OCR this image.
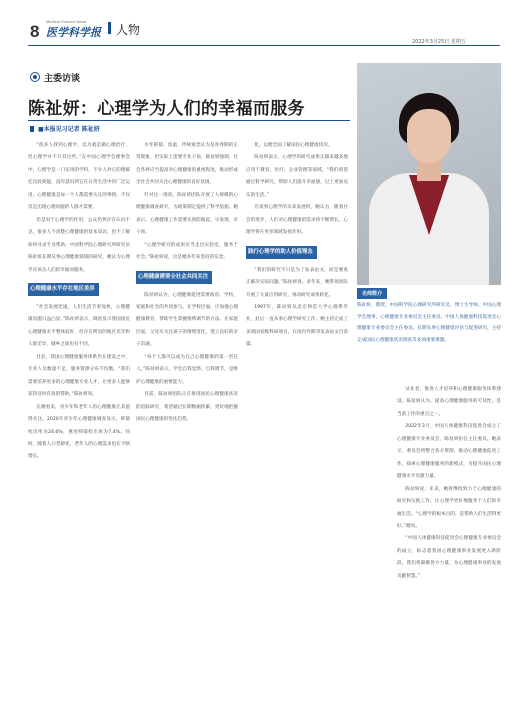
8
Medical Science News
医学科学报 人物
2022年3月25日 星期五
主委访谈
陈祉妍：心理学为人们的幸福而服务
■本报见习记者 陈祉妍

“很多人找到心理学，以为就是做心理治疗，但心理学并不只有这些。”在中国心理学会理事会中，心理学是一门实用的学科，不少人对它的理解还比较狭隘，没有意识到它在日常生活中的广泛运用。心理健康是每一个人都需要关注的事情，不仅仅是出现心理问题的人群才需要。

但是对于心理学的作用，公众仍然存在认识不足。很多人不清楚心理健康的基本知识，也不了解如何寻求专业帮助。中国科学院心理研究所研究员陈祉妍长期从事心理健康领域的研究，她认为心理学应该为人们的幸福而服务。

心理健康水平存在地区差异

“社会发展迅速，人们生活节奏加快，心理健康问题日益凸显。”陈祉妍表示，调查显示我国国民心理健康水平整体较好，但存在明显的地区差异和人群差异，城乡之间也有不同。

目前，我国心理健康服务体系仍在建设之中，专业人员数量不足，服务资源分布不均衡。“我们需要培养更多的心理健康专业人才，让更多人能够获得及时有效的帮助。”陈祉妍说。

在她看来，青少年和老年人的心理健康尤其值得关注。2020年青少年心理健康调查显示，抑郁检出率为24.6%，重度抑郁检出率为7.4%。同时，随着人口老龄化，老年人的心理需求也在不断增长。

少年抑郁、焦虑，传统观念认为是青春期的正常现象，但实际上需要专业干预。陈祉妍强调，社会各界应当提高对心理健康的重视程度，推动形成全社会共同关注心理健康的良好氛围。

针对这一现状，陈祉妍团队开展了大规模的心理健康调查研究，为政策制定提供了科学依据。她表示，心理健康工作需要从预防做起，早发现、早干预。

“心理学研究的成果应当走出实验室，服务于社会。”陈祉妍说，这是她多年来坚持的信念。

心理健康需要全社会共同关注

陈祉妍认为，心理健康促进需要政府、学校、家庭和社会的共同参与。在学校层面，应加强心理健康教育，帮助学生掌握情绪调节的方法。在家庭层面，父母应关注孩子的情绪变化，建立良好的亲子沟通。

“每个人都可以成为自己心理健康的第一责任人。”陈祉妍表示，学会自我觉察、自我调节，是维护心理健康的重要能力。

目前，陈祉妍团队正在推进国民心理健康状况的追踪研究，希望通过长期数据积累，更好地把握国民心理健康的变化趋势。

化，以便全面了解国民心理健康状况。

陈祉妍表示，心理学的研究成果正越来越多地应用于教育、医疗、企业管理等领域。“我们希望通过科学研究，帮助人们提升幸福感，过上更加充实的生活。”

在谈到心理学的未来发展时，她认为，随着社会的进步，人们对心理健康的需求将不断增长，心理学将在更多领域发挥作用。

践行心理学的助人价值理念

“我们的研究不只是为了发表论文，而是要真正解决实际问题。”陈祉妍说。多年来，她带领团队开展了大量应用研究，推动研究成果转化。

1997年，陈祉妍从北京师范大学心理系毕业，此后一直从事心理学研究工作。她主持完成了多项国家级科研项目，在国内外期刊发表论文百余篇。

名师简介
陈祉妍，教授，中国科学院心理研究所研究员，博士生导师。中国心理学会理事，心理健康专业委员会主任委员。中国人体健康科技促进会心理健康专业委员会主任委员。长期从事心理健康评估与促进研究，主持完成国民心理健康状况调查等多项重要课题。

从业者，推进人才培养和心理健康服务体系建设。陈祉妍认为，提高心理健康服务的可及性，是当前工作的重点之一。

2022年3月，中国人体健康科技促进会成立了心理健康专业委员会，陈祉妍担任主任委员。她表示，委员会将整合各方资源，推动心理健康促进工作，探索心理健康服务的新模式，为提升国民心理健康水平贡献力量。

陈祉妍说，未来，她将继续致力于心理健康的研究和实践工作，让心理学更好地服务于人们的幸福生活。“心理学的根本目的，是帮助人们生活得更好。”她说。

“中国人体健康科技促进会心理健康专业委员会的成立，标志着我国心理健康事业发展进入新阶段。我们将凝聚各方力量，为心理健康事业的发展贡献智慧。”
